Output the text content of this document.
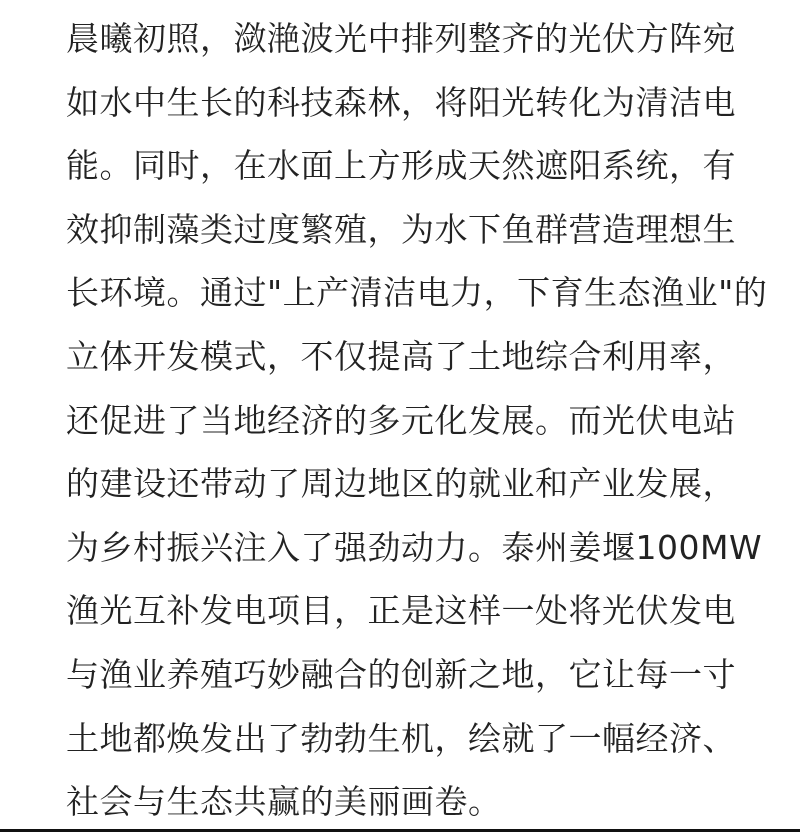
晨曦初照，潋滟波光中排列整齐的光伏方阵宛
如水中生长的科技森林，将阳光转化为清洁电
能。同时，在水面上方形成天然遮阳系统，有
效抑制藻类过度繁殖，为水下鱼群营造理想生
长环境。通过"上产清洁电力，下育生态渔业"的
立体开发模式，不仅提高了土地综合利用率，
还促进了当地经济的多元化发展。而光伏电站
的建设还带动了周边地区的就业和产业发展，
为乡村振兴注入了强劲动力。泰州姜堰100MW
渔光互补发电项目，正是这样一处将光伏发电
与渔业养殖巧妙融合的创新之地，它让每一寸
土地都焕发出了勃勃生机，绘就了一幅经济、
社会与生态共赢的美丽画卷。
